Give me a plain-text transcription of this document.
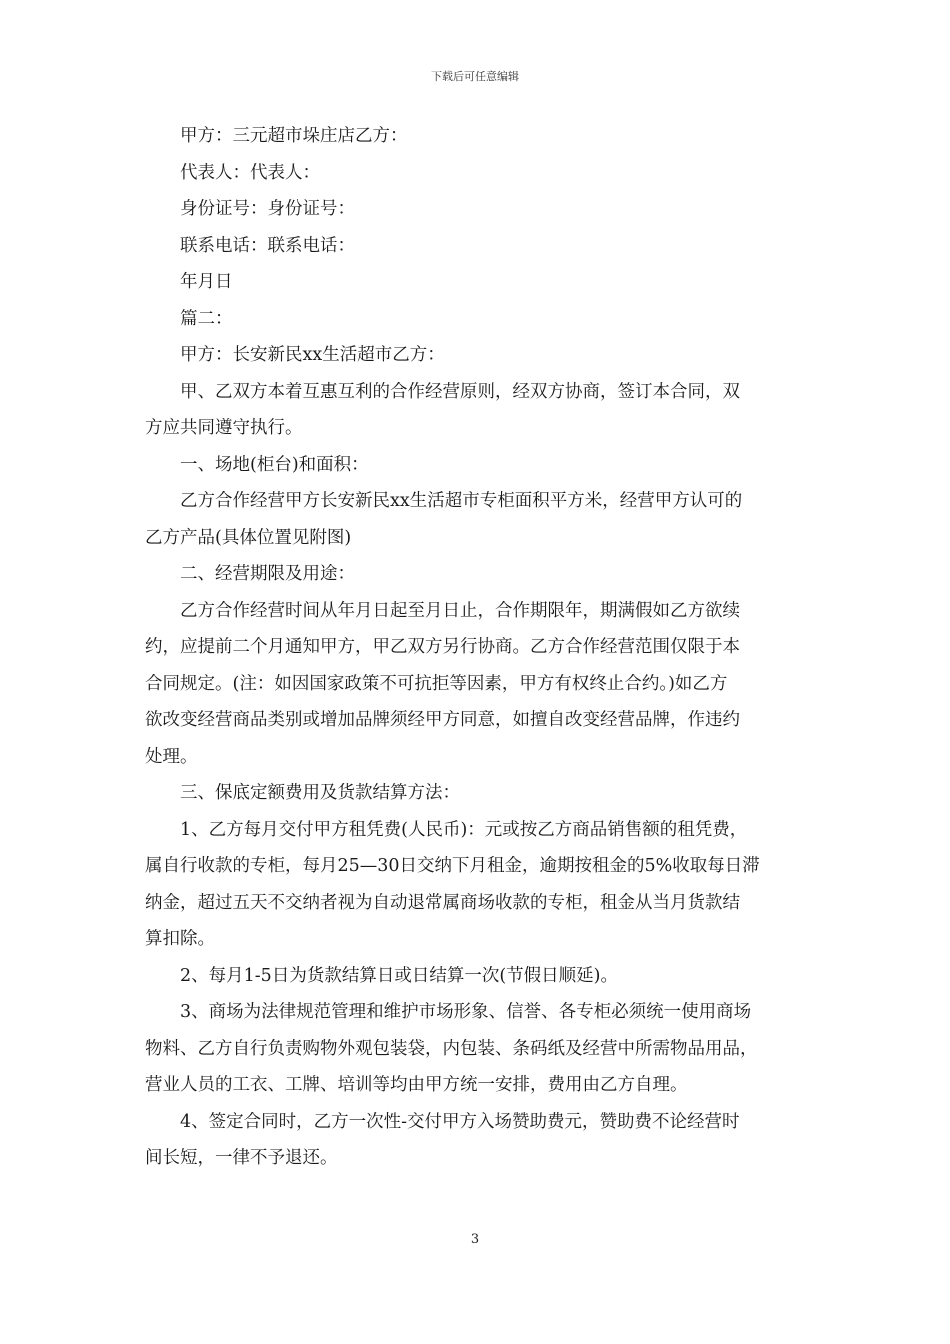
下载后可任意编辑
甲方：三元超市垛庄店乙方：
代表人：代表人：
身份证号：身份证号：
联系电话：联系电话：
年月日
篇二：
甲方：长安新民xx生活超市乙方：
甲、乙双方本着互惠互利的合作经营原则，经双方协商，签订本合同，双
方应共同遵守执行。
一、场地(柜台)和面积：
乙方合作经营甲方长安新民xx生活超市专柜面积平方米，经营甲方认可的
乙方产品(具体位置见附图)
二、经营期限及用途：
乙方合作经营时间从年月日起至月日止，合作期限年，期满假如乙方欲续
约，应提前二个月通知甲方，甲乙双方另行协商。乙方合作经营范围仅限于本
合同规定。(注：如因国家政策不可抗拒等因素，甲方有权终止合约。)如乙方
欲改变经营商品类别或增加品牌须经甲方同意，如擅自改变经营品牌，作违约
处理。
三、保底定额费用及货款结算方法：
1、乙方每月交付甲方租凭费(人民币)：元或按乙方商品销售额的租凭费，
属自行收款的专柜，每月25—30日交纳下月租金，逾期按租金的5%收取每日滞
纳金，超过五天不交纳者视为自动退常属商场收款的专柜，租金从当月货款结
算扣除。
2、每月1-5日为货款结算日或日结算一次(节假日顺延)。
3、商场为法律规范管理和维护市场形象、信誉、各专柜必须统一使用商场
物料、乙方自行负责购物外观包装袋，内包装、条码纸及经营中所需物品用品，
营业人员的工衣、工牌、培训等均由甲方统一安排，费用由乙方自理。
4、签定合同时，乙方一次性-交付甲方入场赞助费元，赞助费不论经营时
间长短，一律不予退还。
3
